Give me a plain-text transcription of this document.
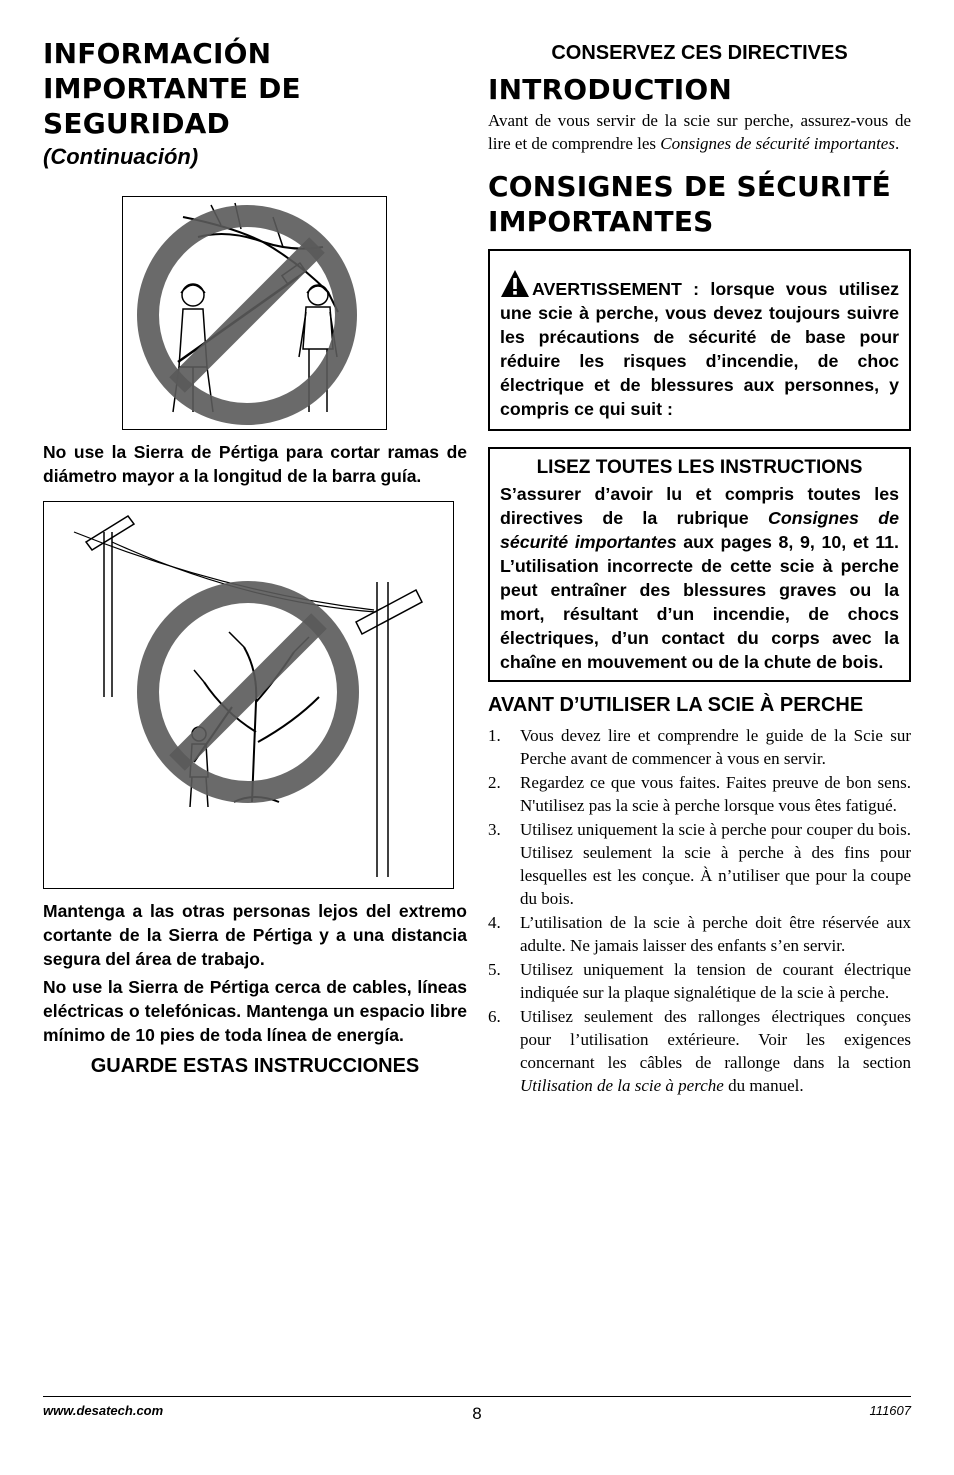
INFORMACIÓN
IMPORTANTE DE
SEGURIDAD
(Continuación)

No use la Sierra de Pértiga para cortar ramas de diámetro mayor a la longitud de la barra guía.

Mantenga a las otras personas lejos del extremo cortante de la Sierra de Pértiga y a una distancia segura del área de trabajo.

No use la Sierra de Pértiga cerca de cables, líneas eléctricas o telefónicas. Mantenga un espacio libre mínimo de 10 pies de toda línea de energía.

GUARDE ESTAS INSTRUCCIONES
CONSERVEZ CES DIRECTIVES
INTRODUCTION

Avant de vous servir de la scie sur perche, assurez-vous de lire et de comprendre les Consignes de sécurité importantes.

CONSIGNES DE SÉCURITÉ
IMPORTANTES
AVERTISSEMENT : lorsque vous utilisez une scie à perche, vous devez toujours suivre les précautions de sécurité de base pour réduire les risques d’incendie, de choc électrique et de blessures aux personnes, y compris ce qui suit :
LISEZ TOUTES LES INSTRUCTIONS
S’assurer d’avoir lu et compris toutes les directives de la rubrique Consignes de sécurité importantes aux pages 8, 9, 10, et 11. L’utilisation incorrecte de cette scie à perche peut entraîner des blessures graves ou la mort, résultant d’un incendie, de chocs électriques, d’un contact du corps avec la chaîne en mouvement ou de la chute de bois.
AVANT D’UTILISER LA SCIE À PERCHE
1. Vous devez lire et comprendre le guide de la Scie sur Perche avant de commencer à vous en servir.
2. Regardez ce que vous faites. Faites preuve de bon sens. N'utilisez pas la scie à perche lorsque vous êtes fatigué.
3. Utilisez uniquement la scie à perche pour couper du bois. Utilisez seulement la scie à perche à des fins pour lesquelles est les conçue. À n’utiliser que pour la coupe du bois.
4. L’utilisation de la scie à perche doit être réservée aux adulte. Ne jamais laisser des enfants s’en servir.
5. Utilisez uniquement la tension de courant électrique indiquée sur la plaque signalétique de la scie à perche.
6. Utilisez seulement des rallonges électriques conçues pour l’utilisation extérieure. Voir les exigences concernant les câbles de rallonge dans la section Utilisation de la scie à perche du manuel.
www.desatech.com	8	111607
